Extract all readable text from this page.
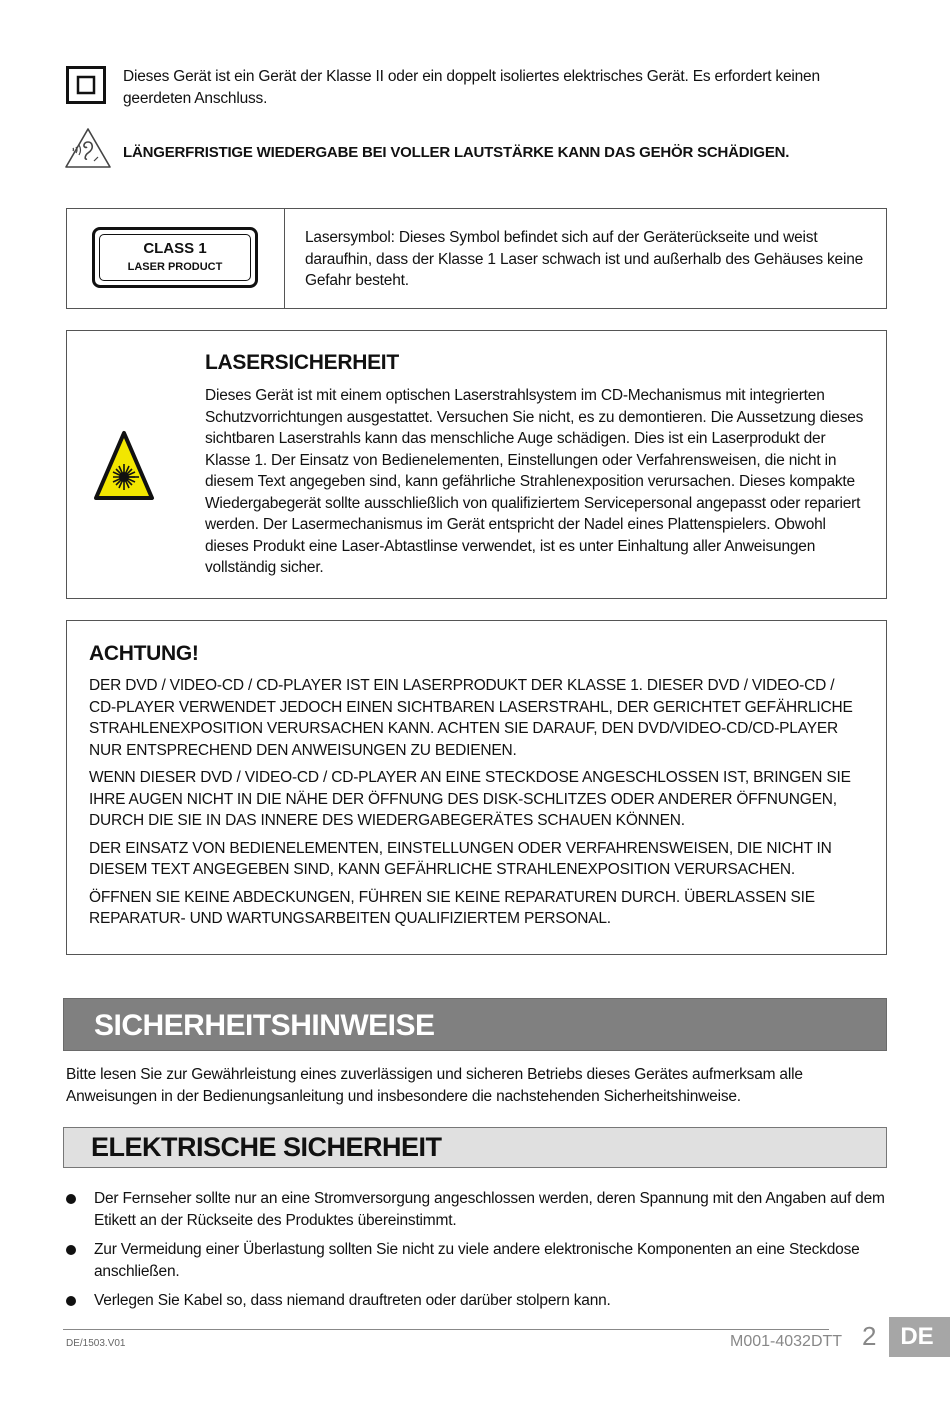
Dieses Gerät ist ein Gerät der Klasse II oder ein doppelt isoliertes elektrisches Gerät. Es erfordert keinen geerdeten Anschluss.
LÄNGERFRISTIGE WIEDERGABE BEI VOLLER LAUTSTÄRKE KANN DAS GEHÖR SCHÄDIGEN.
CLASS 1
LASER PRODUCT
Lasersymbol: Dieses Symbol befindet sich auf der Geräterückseite und weist daraufhin, dass der Klasse 1 Laser schwach ist und außerhalb des Gehäuses keine Gefahr besteht.
LASERSICHERHEIT
Dieses Gerät ist mit einem optischen Laserstrahlsystem im CD-Mechanismus mit integrierten Schutzvorrichtungen ausgestattet. Versuchen Sie nicht, es zu demontieren. Die Aussetzung dieses sichtbaren Laserstrahls kann das menschliche Auge schädigen. Dies ist ein Laserprodukt der Klasse 1. Der Einsatz von Bedienelementen, Einstellungen oder Verfahrensweisen, die nicht in diesem Text angegeben sind, kann gefährliche Strahlenexposition verursachen. Dieses kompakte Wiedergabegerät sollte ausschließlich von qualifiziertem Servicepersonal angepasst oder repariert werden. Der Lasermechanismus im Gerät entspricht der Nadel eines Plattenspielers. Obwohl dieses Produkt eine Laser-Abtastlinse verwendet, ist es unter Einhaltung aller Anweisungen vollständig sicher.
ACHTUNG!

DER DVD / VIDEO-CD / CD-PLAYER IST EIN LASERPRODUKT DER KLASSE 1. DIESER DVD / VIDEO-CD / CD-PLAYER VERWENDET JEDOCH EINEN SICHTBAREN LASERSTRAHL, DER GERICHTET GEFÄHRLICHE STRAHLENEXPOSITION VERURSACHEN KANN. ACHTEN SIE DARAUF, DEN DVD/VIDEO-CD/CD-PLAYER NUR ENTSPRECHEND DEN ANWEISUNGEN ZU BEDIENEN.

WENN DIESER DVD / VIDEO-CD / CD-PLAYER AN EINE STECKDOSE ANGESCHLOSSEN IST, BRINGEN SIE IHRE AUGEN NICHT IN DIE NÄHE DER ÖFFNUNG DES DISK-SCHLITZES ODER ANDERER ÖFFNUNGEN, DURCH DIE SIE IN DAS INNERE DES WIEDERGABEGERÄTES SCHAUEN KÖNNEN.

DER EINSATZ VON BEDIENELEMENTEN, EINSTELLUNGEN ODER VERFAHRENSWEISEN, DIE NICHT IN DIESEM TEXT ANGEGEBEN SIND, KANN GEFÄHRLICHE STRAHLENEXPOSITION VERURSACHEN.

ÖFFNEN SIE KEINE ABDECKUNGEN, FÜHREN SIE KEINE REPARATUREN DURCH. ÜBERLASSEN SIE REPARATUR- UND WARTUNGSARBEITEN QUALIFIZIERTEM PERSONAL.

SICHERHEITSHINWEISE
Bitte lesen Sie zur Gewährleistung eines zuverlässigen und sicheren Betriebs dieses Gerätes aufmerksam alle Anweisungen in der Bedienungsanleitung und insbesondere die nachstehenden Sicherheitshinweise.
ELEKTRISCHE SICHERHEIT
Der Fernseher sollte nur an eine Stromversorgung angeschlossen werden, deren Spannung mit den Angaben auf dem Etikett an der Rückseite des Produktes übereinstimmt.
Zur Vermeidung einer Überlastung sollten Sie nicht zu viele andere elektronische Komponenten an eine Steckdose anschließen.
Verlegen Sie Kabel so, dass niemand drauftreten oder darüber stolpern kann.
DE/1503.V01	M001-4032DTT 2 DE
